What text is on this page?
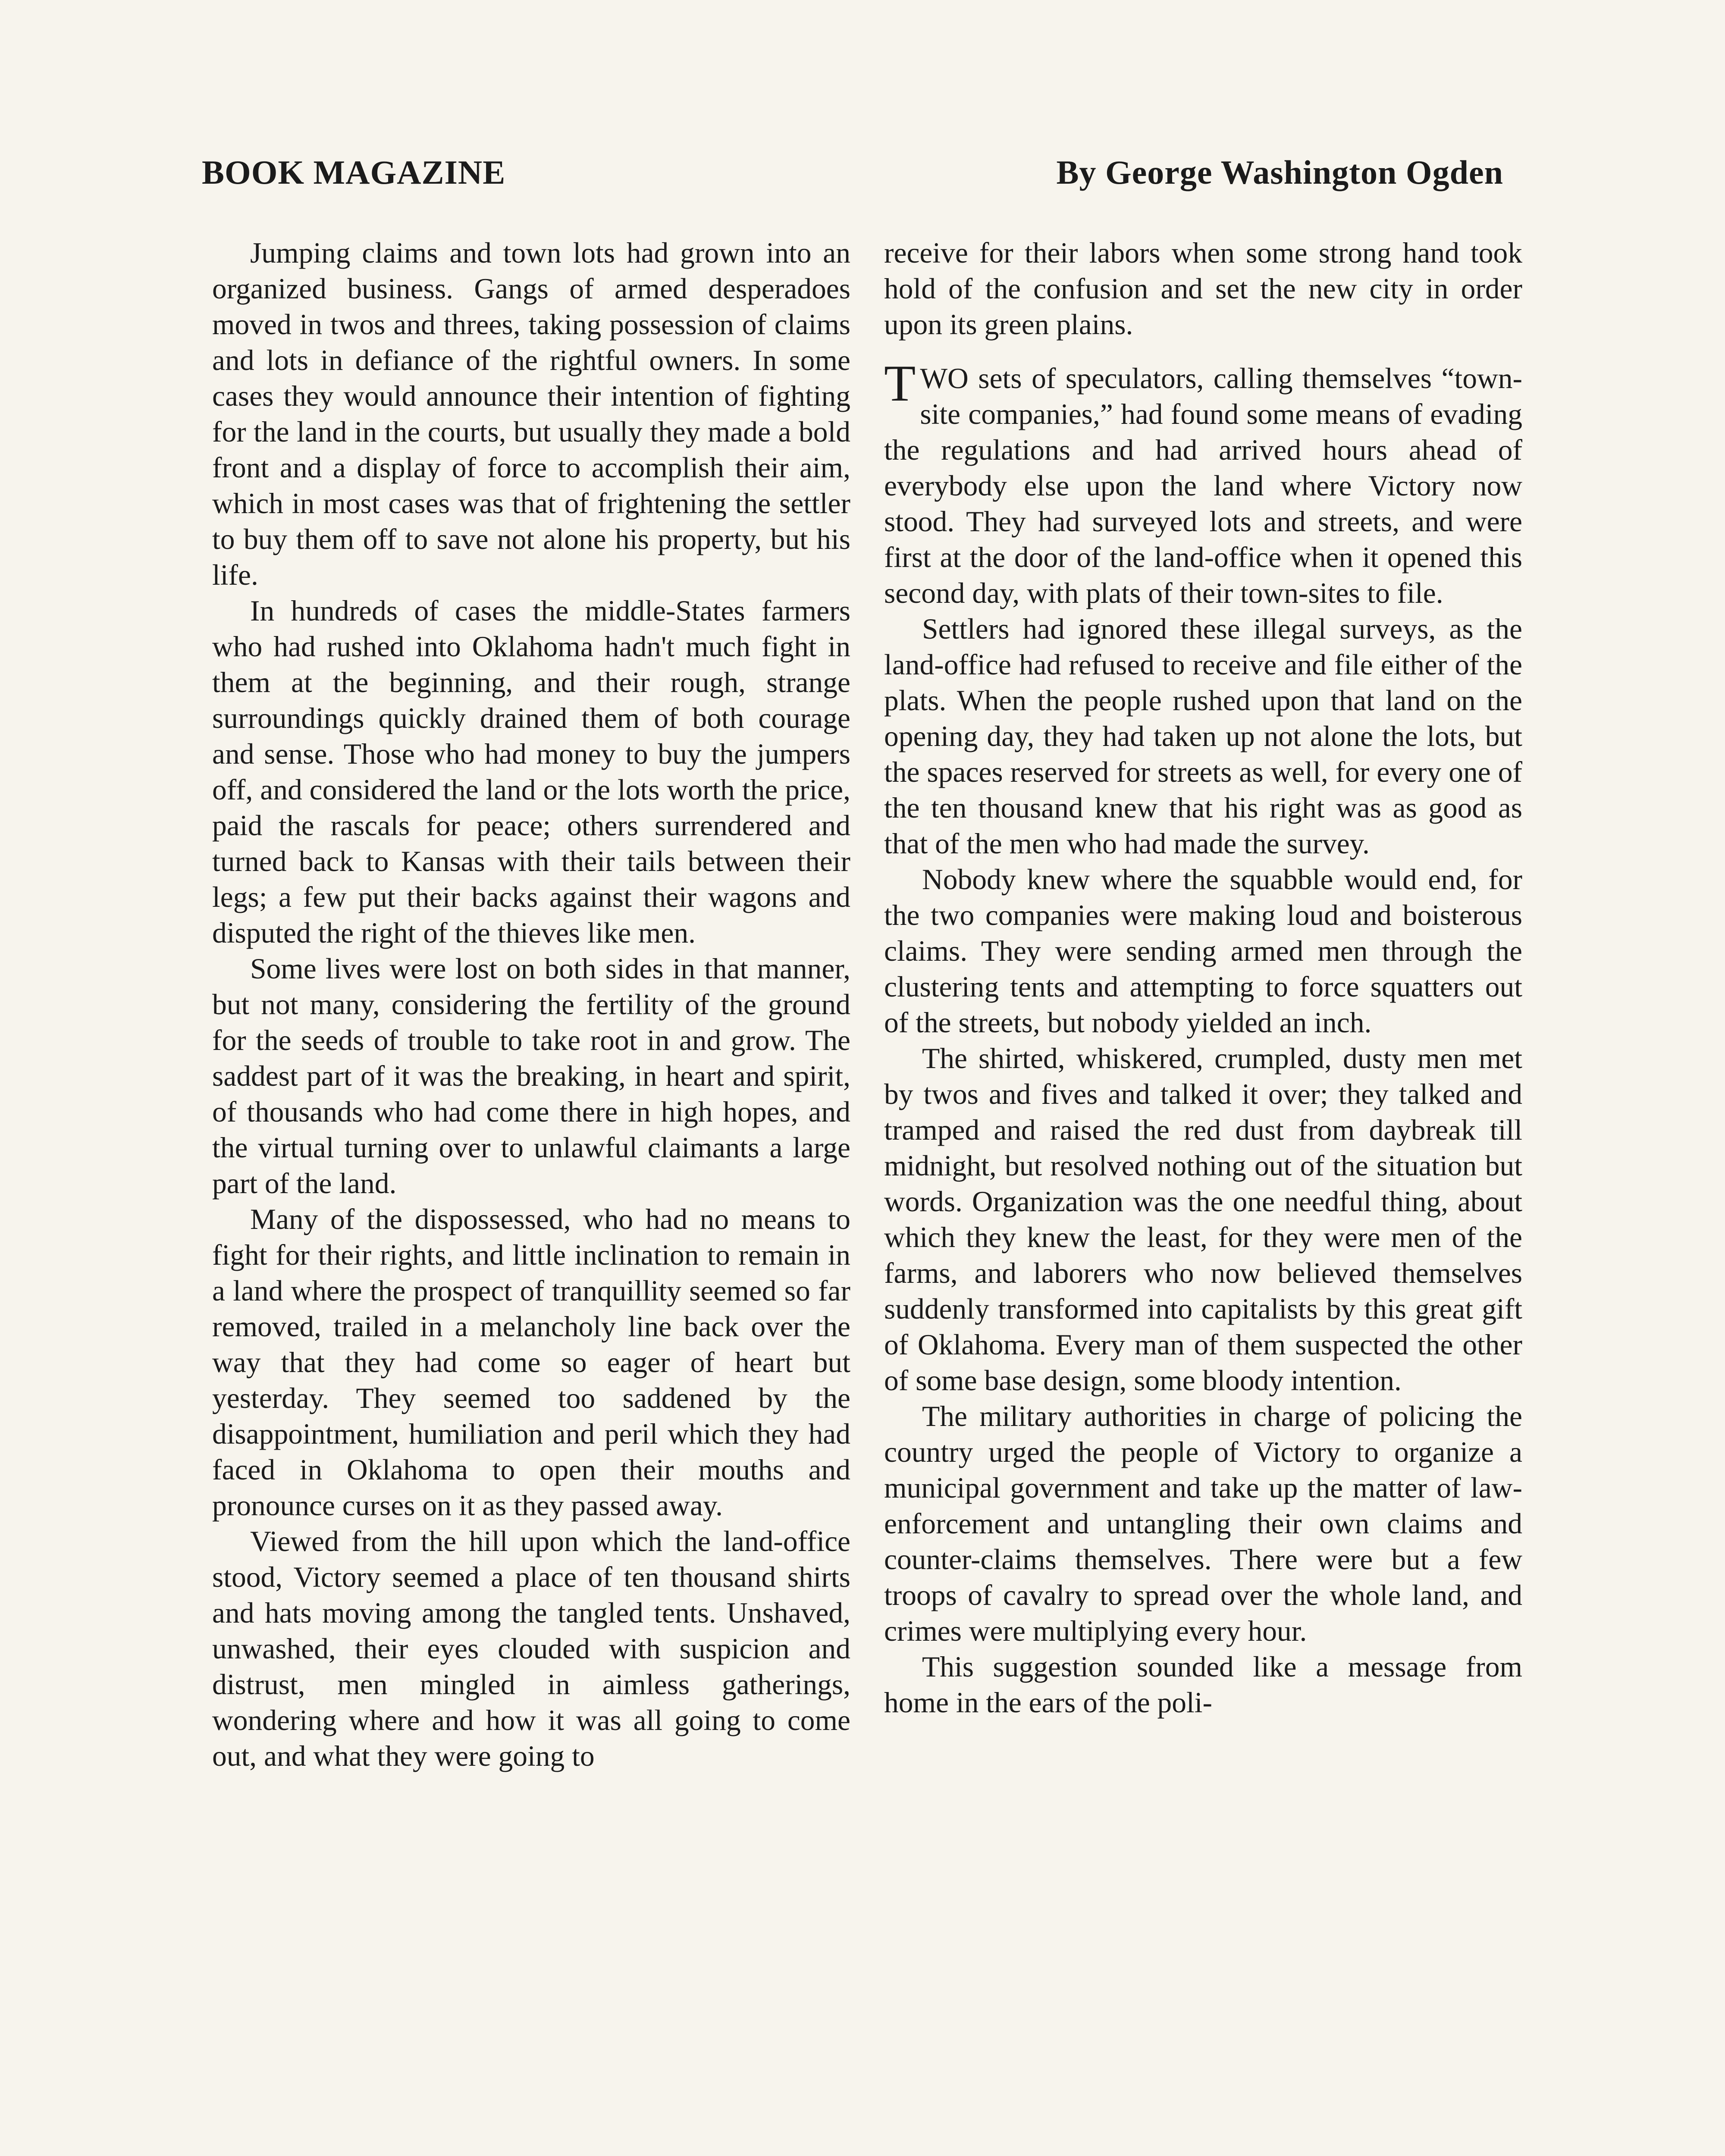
BOOK MAGAZINE	By George Washington Ogden

Jumping claims and town lots had grown into an organized business. Gangs of armed desperadoes moved in twos and threes, taking possession of claims and lots in defiance of the rightful owners. In some cases they would announce their intention of fighting for the land in the courts, but usually they made a bold front and a display of force to accomplish their aim, which in most cases was that of frightening the settler to buy them off to save not alone his property, but his life.

In hundreds of cases the middle-States farmers who had rushed into Oklahoma hadn't much fight in them at the beginning, and their rough, strange surroundings quickly drained them of both courage and sense. Those who had money to buy the jumpers off, and considered the land or the lots worth the price, paid the rascals for peace; others surrendered and turned back to Kansas with their tails between their legs; a few put their backs against their wagons and disputed the right of the thieves like men.

Some lives were lost on both sides in that manner, but not many, considering the fertility of the ground for the seeds of trouble to take root in and grow. The saddest part of it was the breaking, in heart and spirit, of thousands who had come there in high hopes, and the virtual turning over to unlawful claimants a large part of the land.

Many of the dispossessed, who had no means to fight for their rights, and little inclination to remain in a land where the prospect of tranquillity seemed so far removed, trailed in a melancholy line back over the way that they had come so eager of heart but yesterday. They seemed too saddened by the disappointment, humiliation and peril which they had faced in Oklahoma to open their mouths and pronounce curses on it as they passed away.

Viewed from the hill upon which the land-office stood, Victory seemed a place of ten thousand shirts and hats moving among the tangled tents. Unshaved, unwashed, their eyes clouded with suspicion and distrust, men mingled in aimless gatherings, wondering where and how it was all going to come out, and what they were going to

receive for their labors when some strong hand took hold of the confusion and set the new city in order upon its green plains.

TWO sets of speculators, calling themselves “town-site companies,” had found some means of evading the regulations and had arrived hours ahead of everybody else upon the land where Victory now stood. They had surveyed lots and streets, and were first at the door of the land-office when it opened this second day, with plats of their town-sites to file.

Settlers had ignored these illegal surveys, as the land-office had refused to receive and file either of the plats. When the people rushed upon that land on the opening day, they had taken up not alone the lots, but the spaces reserved for streets as well, for every one of the ten thousand knew that his right was as good as that of the men who had made the survey.

Nobody knew where the squabble would end, for the two companies were making loud and boisterous claims. They were sending armed men through the clustering tents and attempting to force squatters out of the streets, but nobody yielded an inch.

The shirted, whiskered, crumpled, dusty men met by twos and fives and talked it over; they talked and tramped and raised the red dust from daybreak till midnight, but resolved nothing out of the situation but words. Organization was the one needful thing, about which they knew the least, for they were men of the farms, and laborers who now believed themselves suddenly transformed into capitalists by this great gift of Oklahoma. Every man of them suspected the other of some base design, some bloody intention.

The military authorities in charge of policing the country urged the people of Victory to organize a municipal government and take up the matter of law-enforcement and untangling their own claims and counter-claims themselves. There were but a few troops of cavalry to spread over the whole land, and crimes were multiplying every hour.

This suggestion sounded like a message from home in the ears of the poli-
